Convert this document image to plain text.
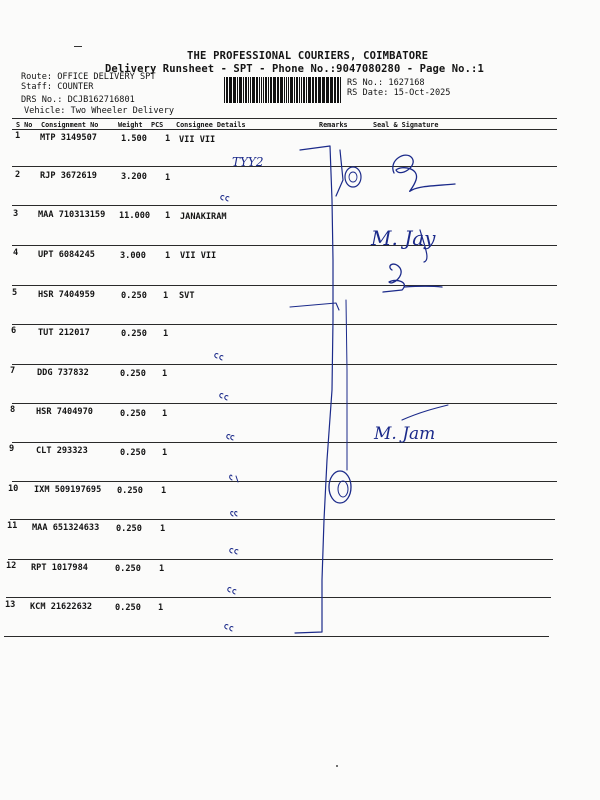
THE PROFESSIONAL COURIERS, COIMBATORE
Delivery Runsheet - SPT - Phone No.:9047080280 - Page No.:1
Route: OFFICE DELIVERY SPT
Staff: COUNTER
DRS No.: DCJB162716801
Vehicle: Two Wheeler Delivery
RS No.: 1627168
RS Date: 15-Oct-2025
S No Consignment No	Weight PCS Consignee Details	Remarks	Seal & Signature
1 MTP 3149507	1.500 1 VII VII
2 RJP 3672619	3.200 1
3 MAA 710313159 11.000 1 JANAKIRAM
4 UPT 6084245	3.000 1 VII VII
5 HSR 7404959	0.250 1 SVT
6	TUT 212017	0.250 1
7	DDG 737832	0.250 1
8 HSR 7404970	0.250 1
9	CLT 293323	0.250 1
10 IXM 509197695 0.250 1
11 MAA 651324633 0.250 1
12 RPT 1017984	0.250 1
13 KCM 21622632	0.250 1
TYY2
M. Jay
M. Jam
